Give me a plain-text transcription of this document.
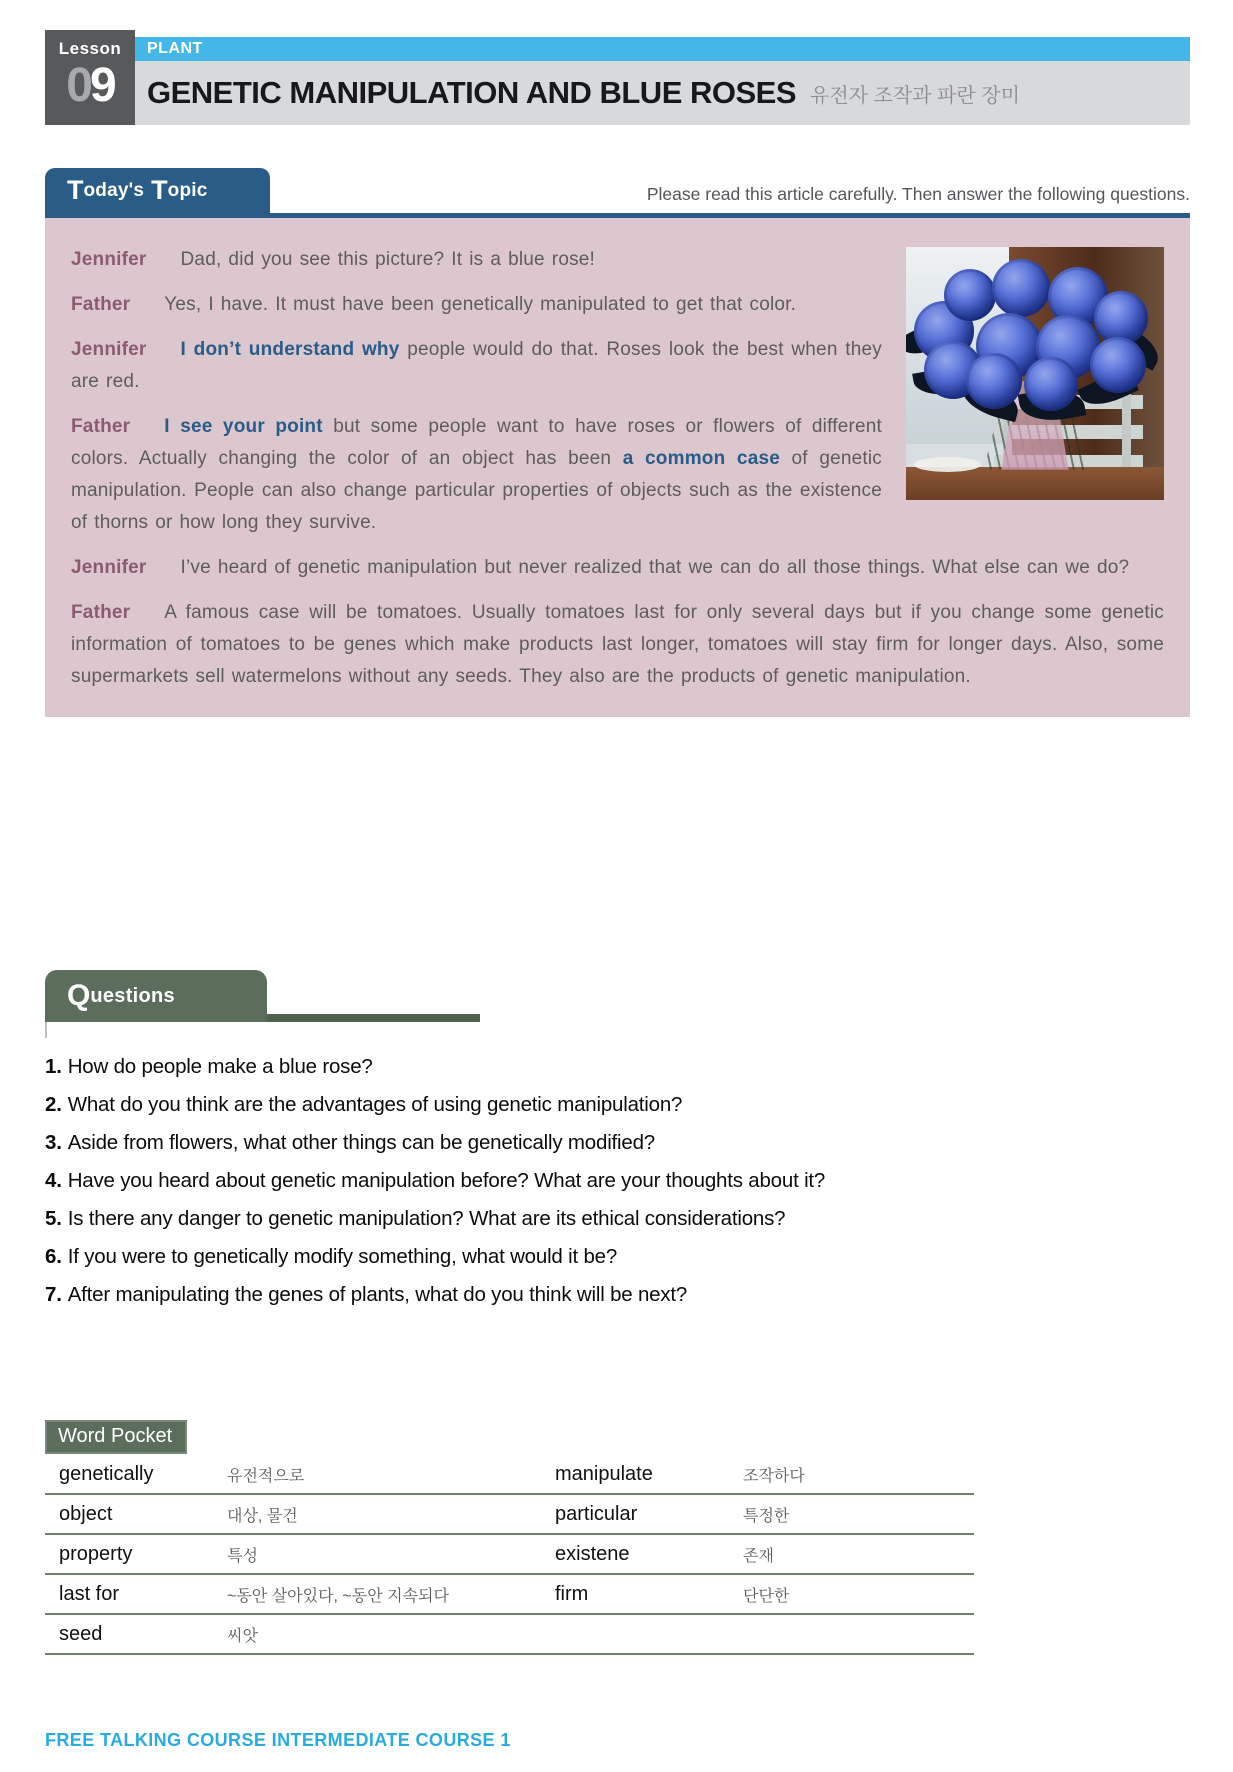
Lesson
09
PLANT
GENETIC MANIPULATION AND BLUE ROSES 유전자 조작과 파란 장미
T oday's T opic	Please read this article carefully. Then answer the following questions.

Jennifer Dad, did you see this picture? It is a blue rose!

Father Yes, I have. It must have been genetically manipulated to get that color.

Jennifer I don’t understand why people would do that. Roses look the best when they are red.

Father I see your point but some people want to have roses or flowers of different colors. Actually changing the color of an object has been a common case of genetic manipulation. People can also change particular properties of objects such as the existence of thorns or how long they survive.

Jennifer I’ve heard of genetic manipulation but never realized that we can do all those things. What else can we do?

Father A famous case will be tomatoes. Usually tomatoes last for only several days but if you change some genetic information of tomatoes to be genes which make products last longer, tomatoes will stay firm for longer days. Also, some supermarkets sell watermelons without any seeds. They also are the products of genetic manipulation.

Q uestions
1. How do people make a blue rose?
2. What do you think are the advantages of using genetic manipulation?
3. Aside from flowers, what other things can be genetically modified?
4. Have you heard about genetic manipulation before? What are your thoughts about it?
5. Is there any danger to genetic manipulation? What are its ethical considerations?
6. If you were to genetically modify something, what would it be?
7. After manipulating the genes of plants, what do you think will be next?
Word Pocket
genetically	유전적으로	manipulate	조작하다
object	대상, 물건	particular	특정한
property	특성	existene	존재
last for	~동안 살아있다, ~동안 지속되다	firm	단단한
seed	씨앗
FREE TALKING COURSE INTERMEDIATE COURSE 1
